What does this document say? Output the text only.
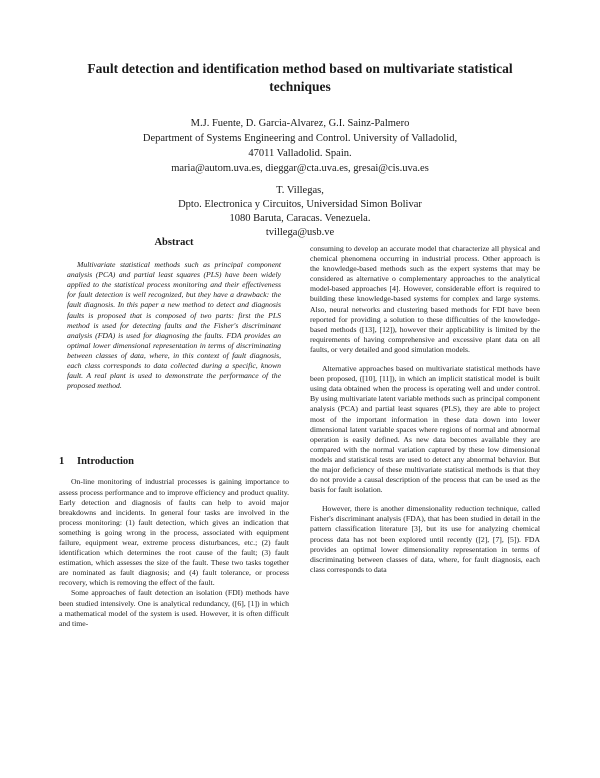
Fault detection and identification method based on multivariate statistical
techniques
M.J. Fuente, D. Garcia-Alvarez, G.I. Sainz-Palmero
Department of Systems Engineering and Control. University of Valladolid,
47011 Valladolid. Spain.
maria@autom.uva.es, dieggar@cta.uva.es, gresai@cis.uva.es
T. Villegas,
Dpto. Electronica y Circuitos, Universidad Simon Bolivar
1080 Baruta, Caracas. Venezuela.
tvillega@usb.ve
Abstract

Multivariate statistical methods such as principal component analysis (PCA) and partial least squares (PLS) have been widely applied to the statistical process monitoring and their effectiveness for fault detection is well recognized, but they have a drawback: the fault diagnosis. In this paper a new method to detect and diagnosis faults is proposed that is composed of two parts: first the PLS method is used for detecting faults and the Fisher's discriminant analysis (FDA) is used for diagnosing the faults. FDA provides an optimal lower dimensional representation in terms of discriminating between classes of data, where, in this context of fault diagnosis, each class corresponds to data collected during a specific, known fault. A real plant is used to demonstrate the performance of the proposed method.

1 Introduction

On-line monitoring of industrial processes is gaining importance to assess process performance and to improve efficiency and product quality. Early detection and diagnosis of faults can help to avoid major breakdowns and incidents. In general four tasks are involved in the process monitoring: (1) fault detection, which gives an indication that something is going wrong in the process, associated with equipment failure, equipment wear, extreme process disturbances, etc.; (2) fault identification which determines the root cause of the fault; (3) fault estimation, which assesses the size of the fault. These two tasks together are nominated as fault diagnosis; and (4) fault tolerance, or process recovery, which is removing the effect of the fault.

Some approaches of fault detection an isolation (FDI) methods have been studied intensively. One is analytical redundancy, ([6], [1]) in which a mathematical model of the system is used. However, it is often difficult and time-

consuming to develop an accurate model that characterize all physical and chemical phenomena occurring in industrial process. Other approach is the knowledge-based methods such as the expert systems that may be considered as alternative o complementary approaches to the analytical model-based approaches [4]. However, considerable effort is required to building these knowledge-based systems for complex and large systems. Also, neural networks and clustering based methods for FDI have been reported for providing a solution to these difficulties of the knowledge-based methods ([13], [12]), however their applicability is limited by the requirements of having comprehensive and excessive plant data on all faults, or very detailed and good simulation models.

Alternative approaches based on multivariate statistical methods have been proposed, ([10], [11]), in which an implicit statistical model is built using data obtained when the process is operating well and under control. By using multivariate latent variable methods such as principal component analysis (PCA) and partial least squares (PLS), they are able to project most of the important information in these data down into lower dimensional latent variable spaces where regions of normal and abnormal operation is easily defined. As new data becomes available they are compared with the normal variation captured by these low dimensional models and statistical tests are used to detect any abnormal behavior. But the major deficiency of these multivariate statistical methods is that they do not provide a causal description of the process that can be used as the basis for fault isolation.

However, there is another dimensionality reduction technique, called Fisher's discriminant analysis (FDA), that has been studied in detail in the pattern classification literature [3], but its use for analyzing chemical process data has not been explored until recently ([2], [7], [5]). FDA provides an optimal lower dimensionality representation in terms of discriminating between classes of data, where, for fault diagnosis, each class corresponds to data
